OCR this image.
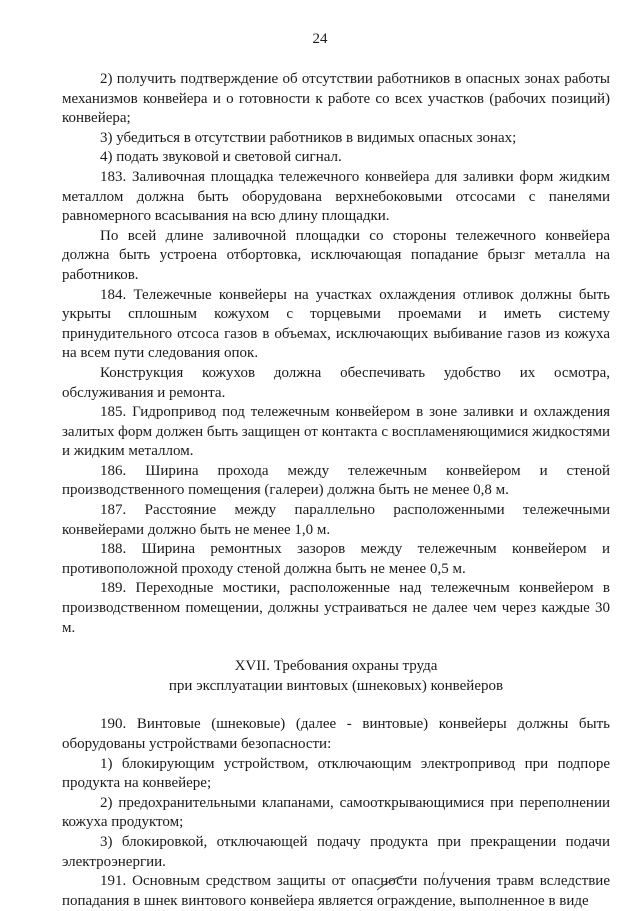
24

2) получить подтверждение об отсутствии работников в опасных зонах работы механизмов конвейера и о готовности к работе со всех участков (рабочих позиций) конвейера;

3) убедиться в отсутствии работников в видимых опасных зонах;

4) подать звуковой и световой сигнал.

183. Заливочная площадка тележечного конвейера для заливки форм жидким металлом должна быть оборудована верхнебоковыми отсосами с панелями равномерного всасывания на всю длину площадки.

По всей длине заливочной площадки со стороны тележечного конвейера должна быть устроена отбортовка, исключающая попадание брызг металла на работников.

184. Тележечные конвейеры на участках охлаждения отливок должны быть укрыты сплошным кожухом с торцевыми проемами и иметь систему принудительного отсоса газов в объемах, исключающих выбивание газов из кожуха на всем пути следования опок.

Конструкция кожухов должна обеспечивать удобство их осмотра, обслуживания и ремонта.

185. Гидропривод под тележечным конвейером в зоне заливки и охлаждения залитых форм должен быть защищен от контакта с воспламеняющимися жидкостями и жидким металлом.

186. Ширина прохода между тележечным конвейером и стеной производственного помещения (галереи) должна быть не менее 0,8 м.

187. Расстояние между параллельно расположенными тележечными конвейерами должно быть не менее 1,0 м.

188. Ширина ремонтных зазоров между тележечным конвейером и противоположной проходу стеной должна быть не менее 0,5 м.

189. Переходные мостики, расположенные над тележечным конвейером в производственном помещении, должны устраиваться не далее чем через каждые 30 м.

XVII. Требования охраны труда
при эксплуатации винтовых (шнековых) конвейеров

190. Винтовые (шнековые) (далее - винтовые) конвейеры должны быть оборудованы устройствами безопасности:

1) блокирующим устройством, отключающим электропривод при подпоре продукта на конвейере;

2) предохранительными клапанами, самооткрывающимися при переполнении кожуха продуктом;

3) блокировкой, отключающей подачу продукта при прекращении подачи электроэнергии.

191. Основным средством защиты от опасности получения травм вследствие попадания в шнек винтового конвейера является ограждение, выполненное в виде
